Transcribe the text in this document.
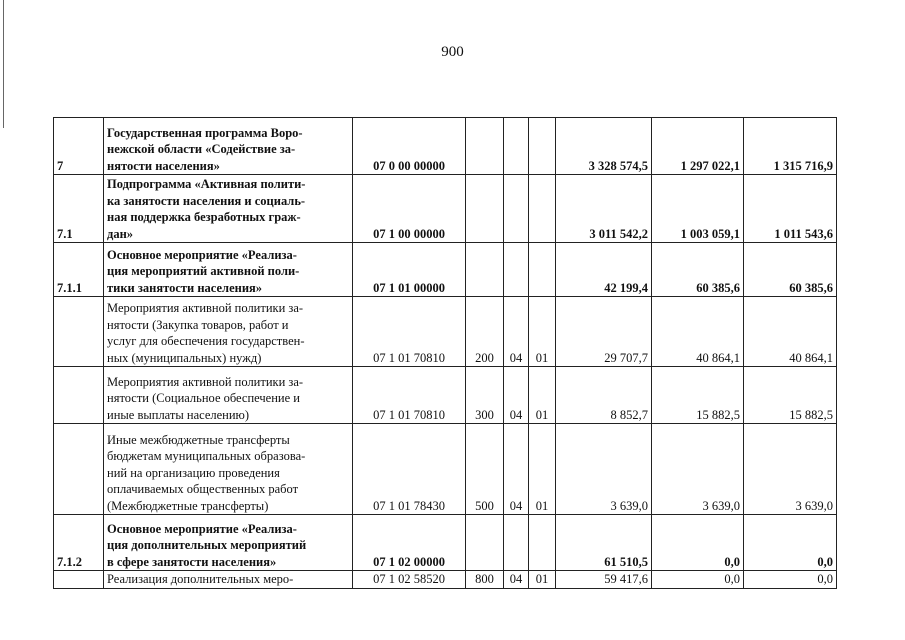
900
7	Государственная программа Воро-
нежской области «Содействие за-
нятости населения»	07 0 00 00000				3 328 574,5	1 297 022,1	1 315 716,9
7.1	Подпрограмма «Активная полити-
ка занятости населения и социаль-
ная поддержка безработных граж-
дан»	07 1 00 00000				3 011 542,2	1 003 059,1	1 011 543,6
7.1.1	Основное мероприятие «Реализа-
ция мероприятий активной поли-
тики занятости населения»	07 1 01 00000				42 199,4	60 385,6	60 385,6

	Мероприятия активной политики за-
нятости (Закупка товаров, работ и
услуг для обеспечения государствен-
ных (муниципальных) нужд)	07 1 01 70810	200	04	01	29 707,7	40 864,1	40 864,1

	Мероприятия активной политики за-
нятости (Социальное обеспечение и
иные выплаты населению)	07 1 01 70810	300	04	01	8 852,7	15 882,5	15 882,5

	Иные межбюджетные трансферты
бюджетам муниципальных образова-
ний на организацию проведения
оплачиваемых общественных работ
(Межбюджетные трансферты)	07 1 01 78430	500	04	01	3 639,0	3 639,0	3 639,0
7.1.2	Основное мероприятие «Реализа-
ция дополнительных мероприятий
в сфере занятости населения»	07 1 02 00000				61 510,5	0,0	0,0

	Реализация дополнительных меро-	07 1 02 58520	800	04	01	59 417,6	0,0	0,0
